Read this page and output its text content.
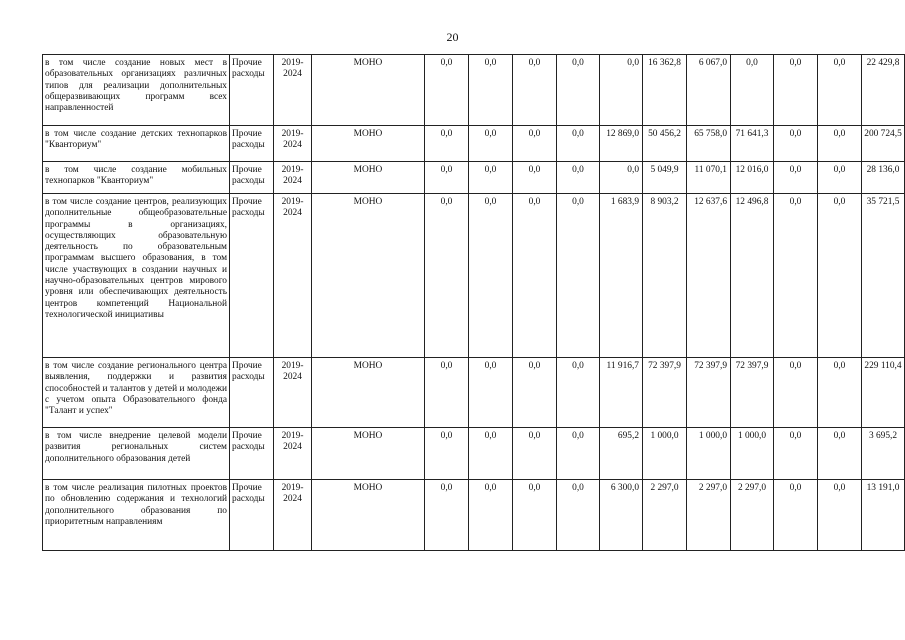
20
в том числе создание новых мест в образовательных организациях различных типов для реализации дополнительных общеразвивающих программ всех направленностей	Прочие расходы	2019-2024	МОНО	0,0	0,0	0,0	0,0	0,0	16 362,8	6 067,0	0,0	0,0	0,0	22 429,8
в том числе создание детских технопарков "Кванториум"	Прочие расходы	2019-2024	МОНО	0,0	0,0	0,0	0,0	12 869,0	50 456,2	65 758,0	71 641,3	0,0	0,0	200 724,5
в том числе создание мобильных технопарков "Кванториум"	Прочие расходы	2019-2024	МОНО	0,0	0,0	0,0	0,0	0,0	5 049,9	11 070,1	12 016,0	0,0	0,0	28 136,0
в том числе создание центров, реализующих дополнительные общеобразовательные программы в организациях, осуществляющих образовательную деятельность по образовательным программам высшего образования, в том числе участвующих в создании научных и научно-образовательных центров мирового уровня или обеспечивающих деятельность центров компетенций Национальной технологической инициативы	Прочие расходы	2019-2024	МОНО	0,0	0,0	0,0	0,0	1 683,9	8 903,2	12 637,6	12 496,8	0,0	0,0	35 721,5
в том числе создание регионального центра выявления, поддержки и развития способностей и талантов у детей и молодежи с учетом опыта Образовательного фонда "Талант и успех"	Прочие расходы	2019-2024	МОНО	0,0	0,0	0,0	0,0	11 916,7	72 397,9	72 397,9	72 397,9	0,0	0,0	229 110,4
в том числе внедрение целевой модели развития региональных систем дополнительного образования детей	Прочие расходы	2019-2024	МОНО	0,0	0,0	0,0	0,0	695,2	1 000,0	1 000,0	1 000,0	0,0	0,0	3 695,2
в том числе реализация пилотных проектов по обновлению содержания и технологий дополнительного образования по приоритетным направлениям	Прочие расходы	2019-2024	МОНО	0,0	0,0	0,0	0,0	6 300,0	2 297,0	2 297,0	2 297,0	0,0	0,0	13 191,0
